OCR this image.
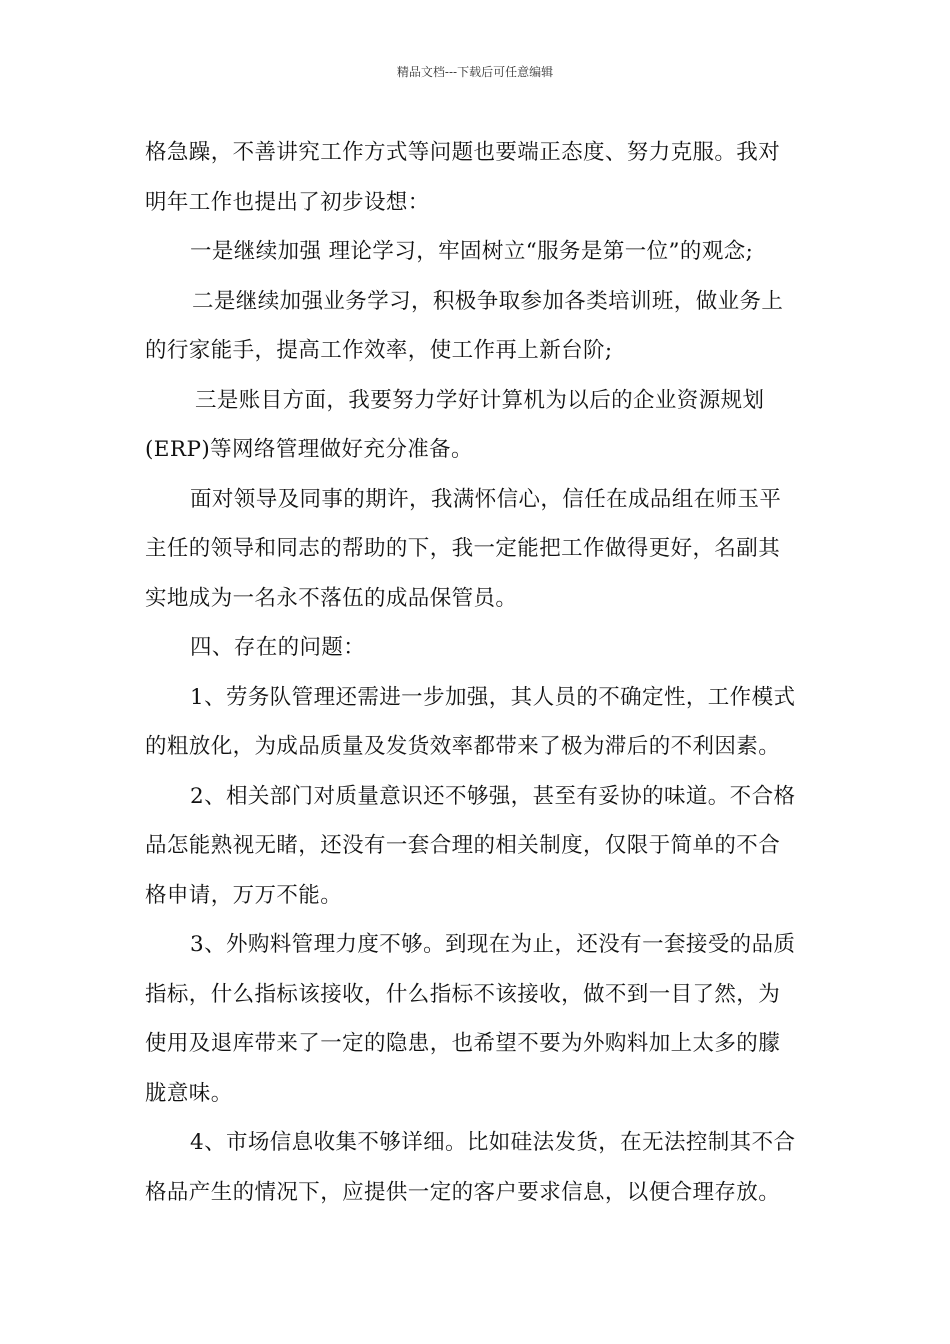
精品文档---下载后可任意编辑
格急躁，不善讲究工作方式等问题也要端正态度、努力克服。我对
明年工作也提出了初步设想：
一是继续加强 理论学习，牢固树立“服务是第一位”的观念;
二是继续加强业务学习，积极争取参加各类培训班，做业务上
的行家能手，提高工作效率，使工作再上新台阶;
三是账目方面，我要努力学好计算机为以后的企业资源规划
(ERP)等网络管理做好充分准备。
面对领导及同事的期许，我满怀信心，信任在成品组在师玉平
主任的领导和同志的帮助的下，我一定能把工作做得更好，名副其
实地成为一名永不落伍的成品保管员。
四、存在的问题：
1、劳务队管理还需进一步加强，其人员的不确定性，工作模式
的粗放化，为成品质量及发货效率都带来了极为滞后的不利因素。
2、相关部门对质量意识还不够强，甚至有妥协的味道。不合格
品怎能熟视无睹，还没有一套合理的相关制度，仅限于简单的不合
格申请，万万不能。
3、外购料管理力度不够。到现在为止，还没有一套接受的品质
指标，什么指标该接收，什么指标不该接收，做不到一目了然，为
使用及退库带来了一定的隐患，也希望不要为外购料加上太多的朦
胧意味。
4、市场信息收集不够详细。比如硅法发货，在无法控制其不合
格品产生的情况下，应提供一定的客户要求信息，以便合理存放。
